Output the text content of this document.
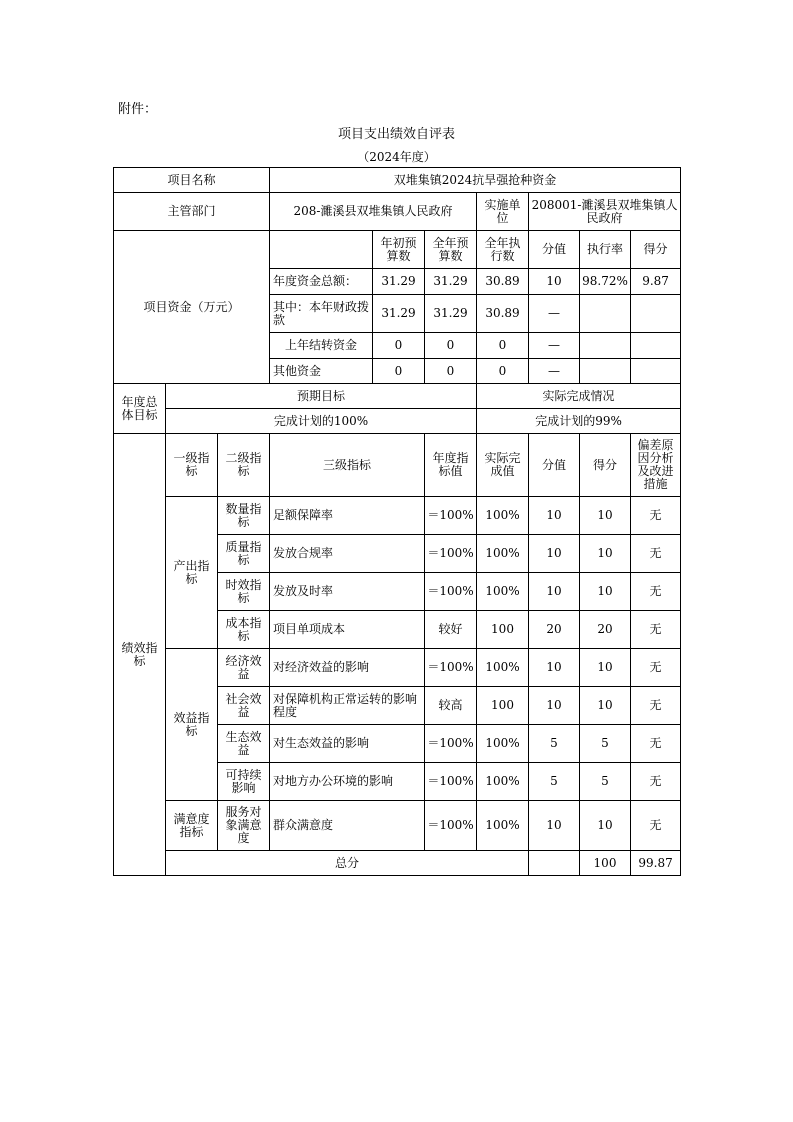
附件：
项目支出绩效自评表
（2024年度）
项目名称			双堆集镇2024抗旱强抢种资金							
主管部门			208-濉溪县双堆集镇人民政府			实施单位	208001-濉溪县双堆集镇人民政府			
项目资金（万元）				年初预算数	全年预算数	全年执行数	分值	执行率	得分	
			年度资金总额：	31.29	31.29	30.89	10	98.72%	9.87	
			其中：本年财政拨款	31.29	31.29	30.89	—			
			上年结转资金	0	0	0	—			
			其他资金	0	0	0	—			
年度总体目标	预期目标					实际完成情况				
	完成计划的100%					完成计划的99%				
绩效指标	一级指标	二级指标	三级指标		年度指标值	实际完成值	分值	得分	偏差原因分析及改进措施	
	产出指标	数量指标	足额保障率		＝100%	100%	10	10	无	
		质量指标	发放合规率		＝100%	100%	10	10	无	
		时效指标	发放及时率		＝100%	100%	10	10	无	
		成本指标	项目单项成本		较好	100	20	20	无	
	效益指标	经济效益	对经济效益的影响		＝100%	100%	10	10	无	
		社会效益	对保障机构正常运转的影响程度		较高	100	10	10	无	
		生态效益	对生态效益的影响		＝100%	100%	5	5	无	
		可持续影响	对地方办公环境的影响		＝100%	100%	5	5	无	
	满意度指标	服务对象满意度	群众满意度		＝100%	100%	10	10	无	
	总分							100	99.87	
